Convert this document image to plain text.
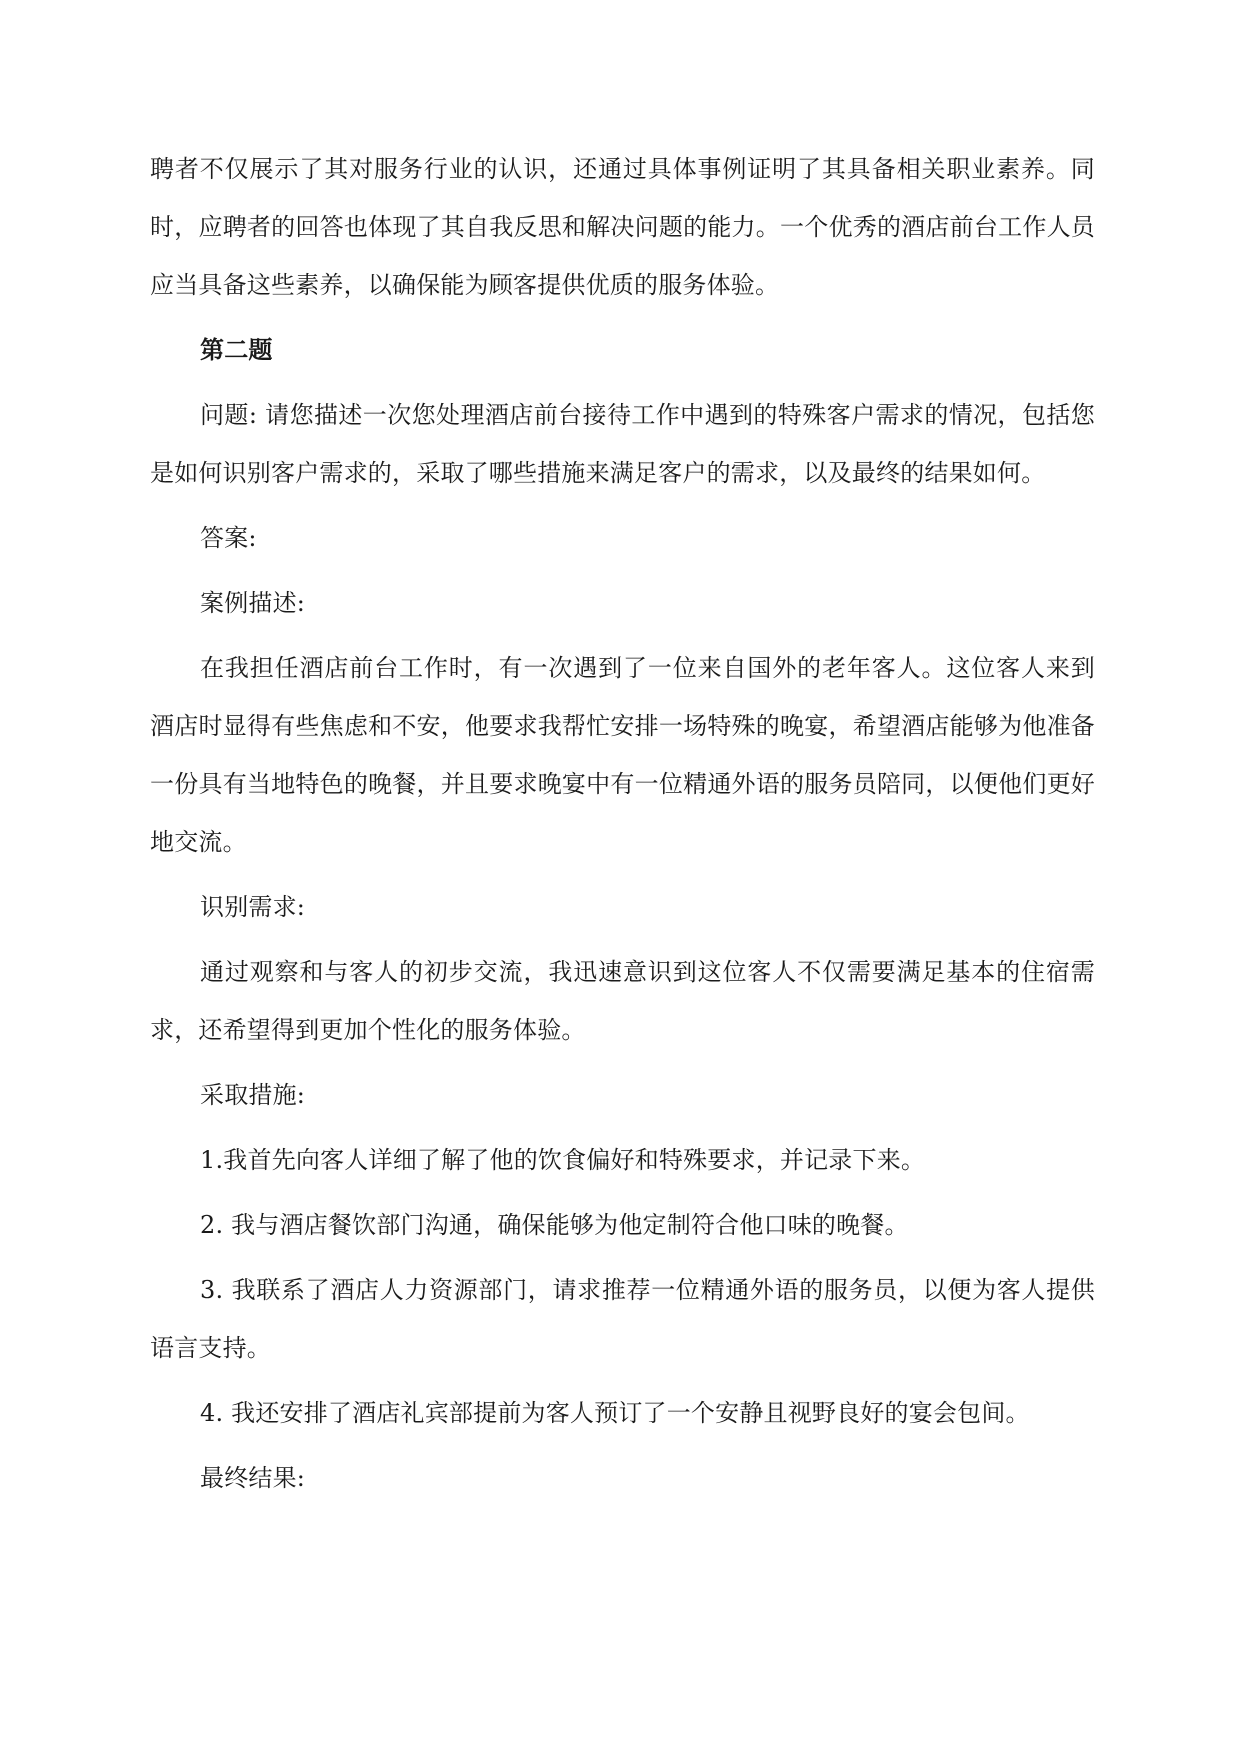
聘者不仅展示了其对服务行业的认识，还通过具体事例证明了其具备相关职业素养。同时，应聘者的回答也体现了其自我反思和解决问题的能力。一个优秀的酒店前台工作人员应当具备这些素养，以确保能为顾客提供优质的服务体验。

第二题

问题: 请您描述一次您处理酒店前台接待工作中遇到的特殊客户需求的情况，包括您是如何识别客户需求的，采取了哪些措施来满足客户的需求，以及最终的结果如何。

答案:

案例描述:

在我担任酒店前台工作时，有一次遇到了一位来自国外的老年客人。这位客人来到酒店时显得有些焦虑和不安，他要求我帮忙安排一场特殊的晚宴，希望酒店能够为他准备一份具有当地特色的晚餐，并且要求晚宴中有一位精通外语的服务员陪同，以便他们更好地交流。

识别需求:

通过观察和与客人的初步交流，我迅速意识到这位客人不仅需要满足基本的住宿需求，还希望得到更加个性化的服务体验。

采取措施:

1.我首先向客人详细了解了他的饮食偏好和特殊要求，并记录下来。

2. 我与酒店餐饮部门沟通，确保能够为他定制符合他口味的晚餐。

3. 我联系了酒店人力资源部门，请求推荐一位精通外语的服务员，以便为客人提供语言支持。

4. 我还安排了酒店礼宾部提前为客人预订了一个安静且视野良好的宴会包间。

最终结果:
